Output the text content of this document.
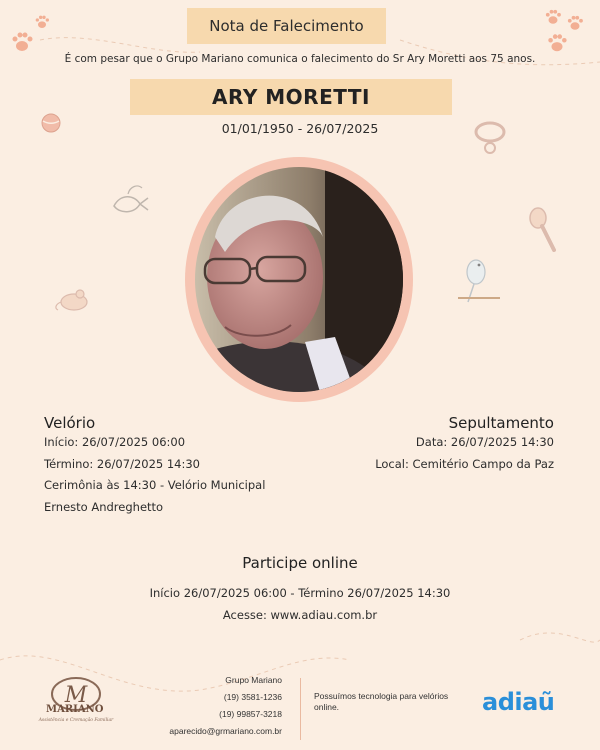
Nota de Falecimento
É com pesar que o Grupo Mariano comunica o falecimento do Sr Ary Moretti aos 75 anos.
ARY MORETTI
01/01/1950 - 26/07/2025
Velório
Início: 26/07/2025 06:00
Término: 26/07/2025 14:30
Cerimônia às 14:30 - Velório Municipal
Ernesto Andreghetto
Sepultamento
Data: 26/07/2025 14:30
Local: Cemitério Campo da Paz
Participe online
Início 26/07/2025 06:00 - Término 26/07/2025 14:30
Acesse: www.adiau.com.br
M
MARIANO
Assistência e Cremação Familiar
Grupo Mariano
(19) 3581-1236
(19) 99857-3218
aparecido@grmariano.com.br
Possuímos tecnologia para velórios online.	adiaũ
